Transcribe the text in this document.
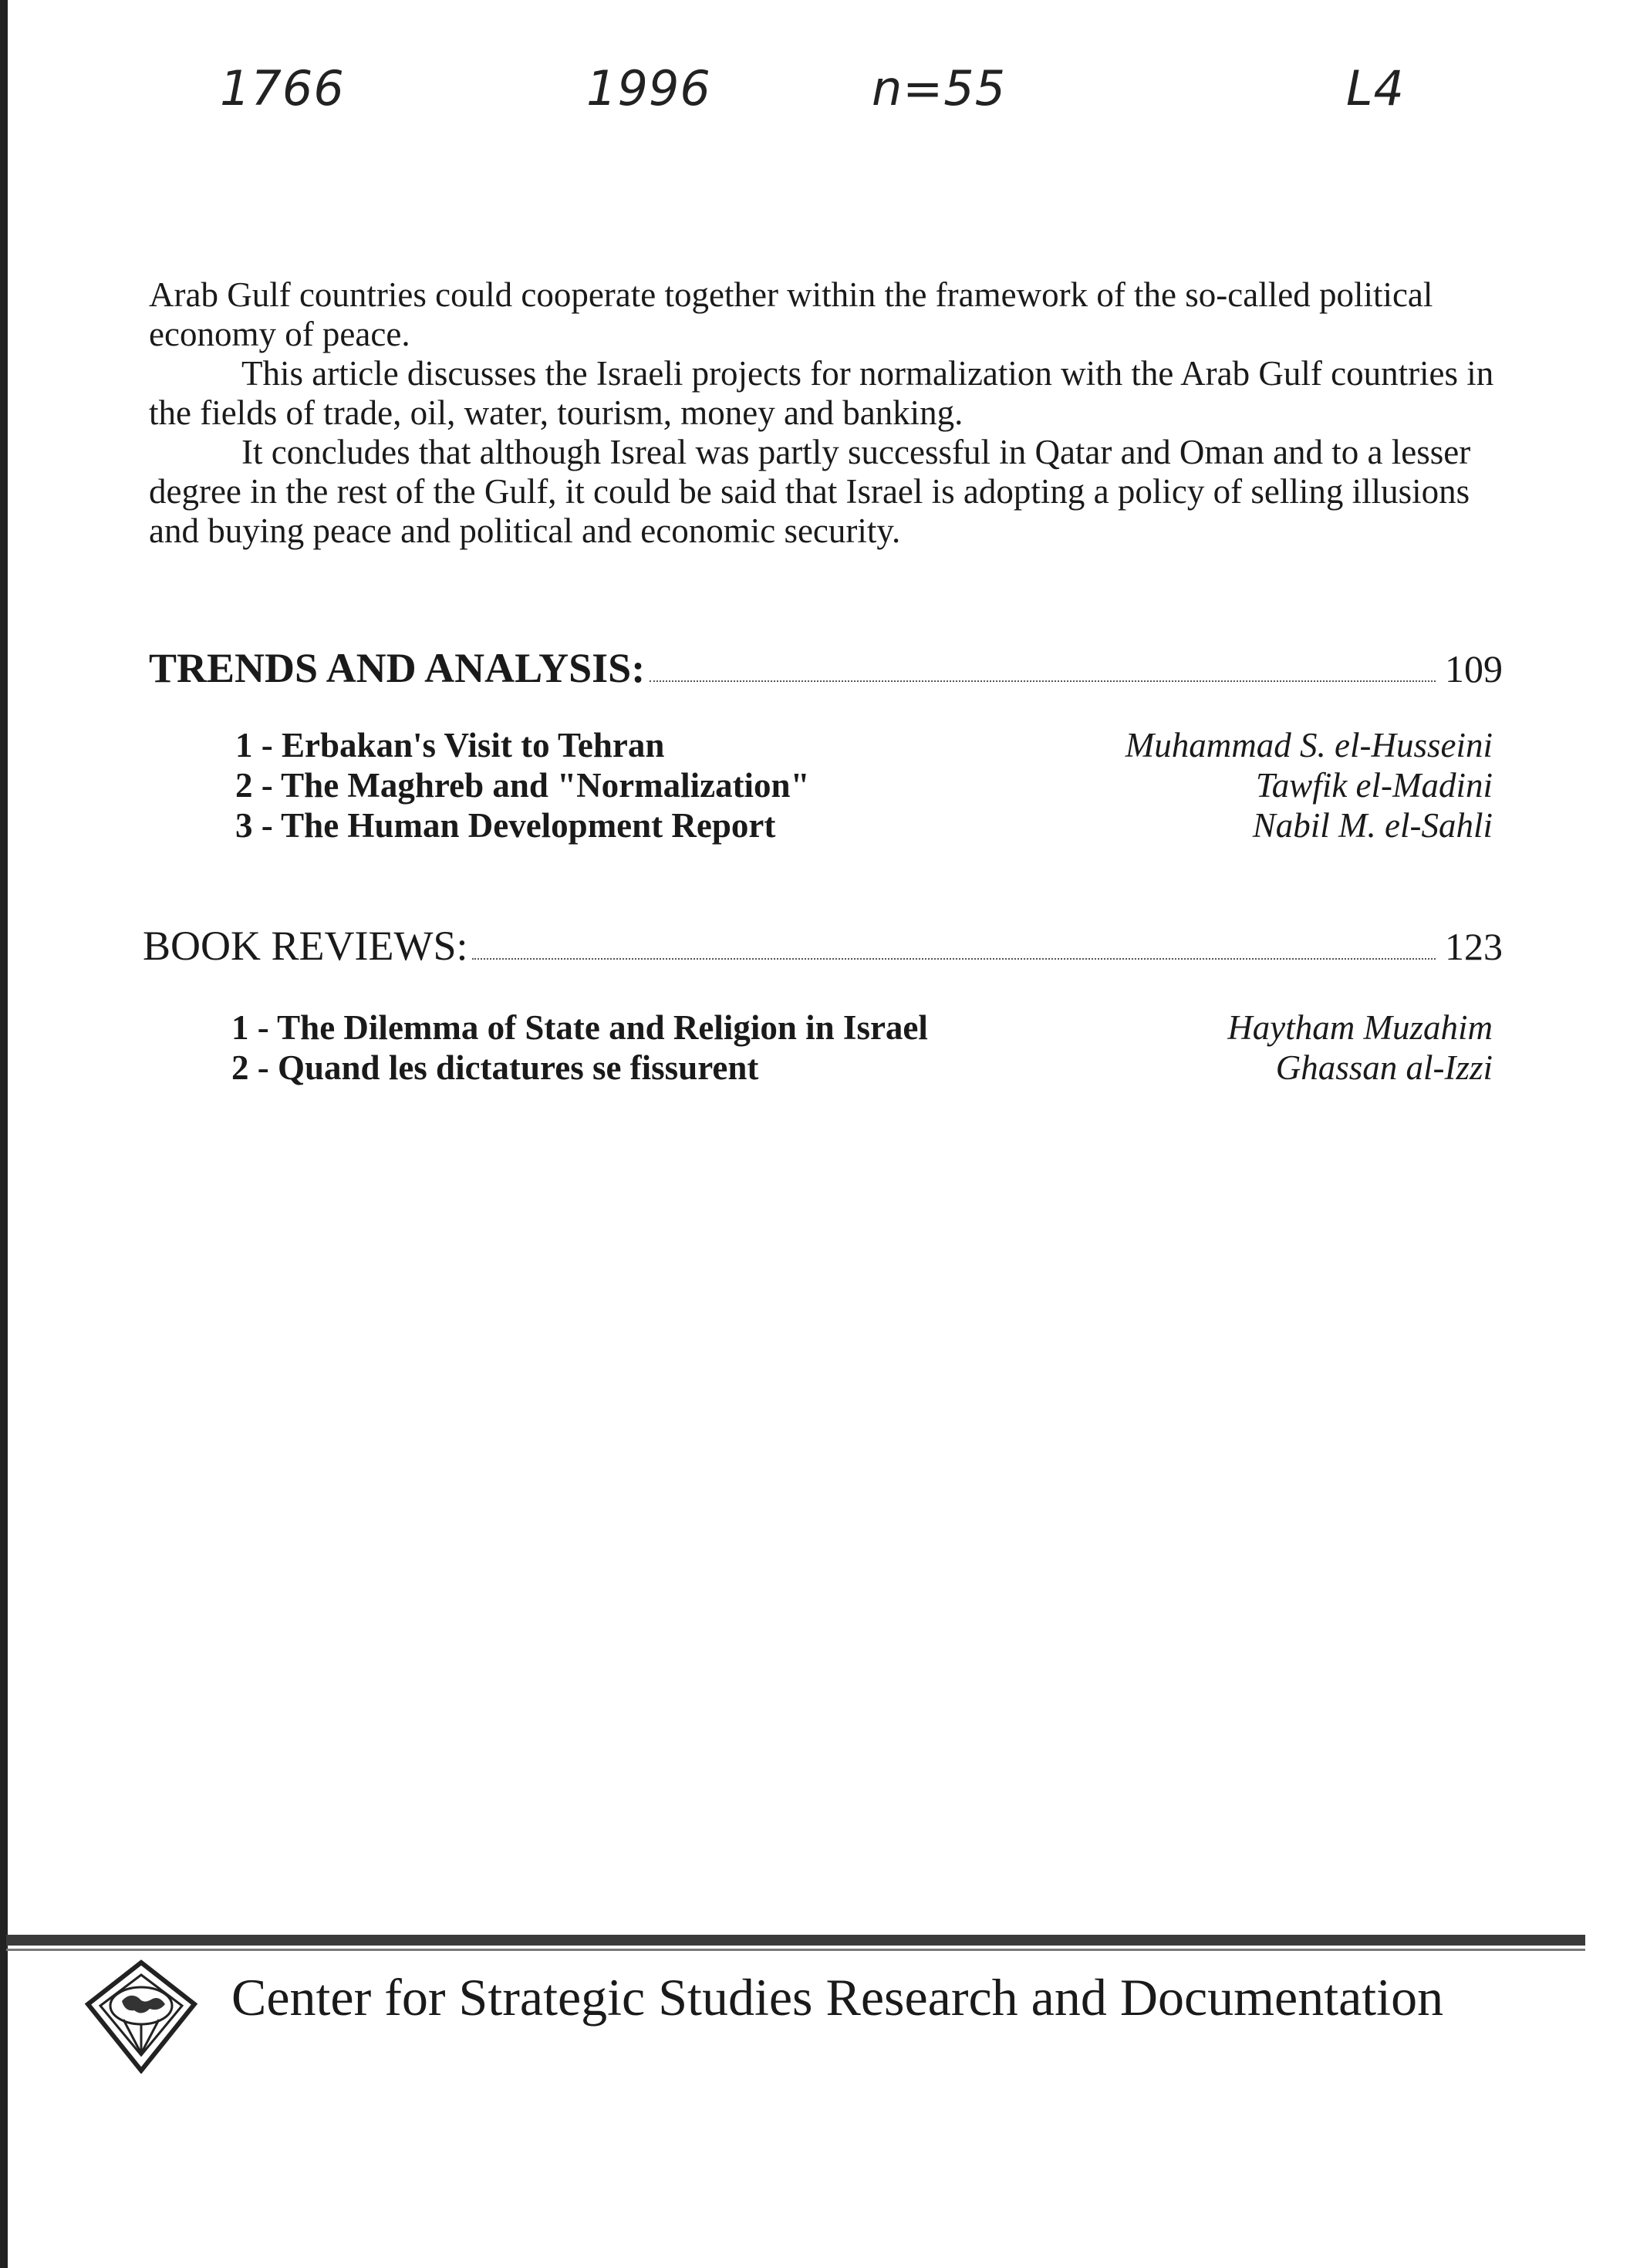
1766	1996	n=55	L4

Arab Gulf countries could cooperate together within the framework of the so-called political economy of peace.

This article discusses the Israeli projects for normalization with the Arab Gulf countries in the fields of trade, oil, water, tourism, money and banking.

It concludes that although Isreal was partly successful in Qatar and Oman and to a lesser degree in the rest of the Gulf, it could be said that Israel is adopting a policy of selling illusions and buying peace and political and economic security.

TRENDS AND ANALYSIS:	109
1 - Erbakan's Visit to Tehran	Muhammad S. el-Husseini
2 - The Maghreb and "Normalization"	Tawfik el-Madini
3 - The Human Development Report	Nabil M. el-Sahli
BOOK REVIEWS:	123
1 - The Dilemma of State and Religion in Israel	Haytham Muzahim
2 - Quand les dictatures se fissurent	Ghassan al-Izzi
Center for Strategic Studies Research and Documentation
